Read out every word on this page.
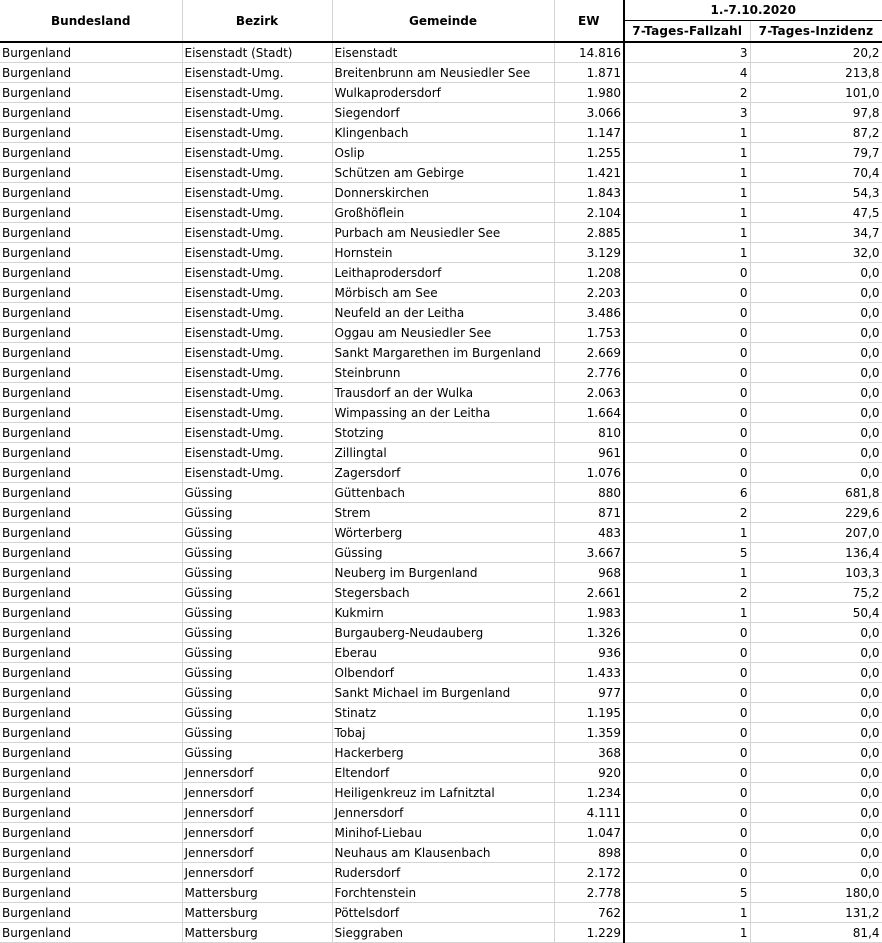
Bundesland	Bezirk	Gemeinde	EW	1.-7.10.2020	
				7-Tages-Fallzahl	7-Tages-Inzidenz
Burgenland	Eisenstadt (Stadt)	Eisenstadt	14.816	3	20,2
Burgenland	Eisenstadt-Umg.	Breitenbrunn am Neusiedler See	1.871	4	213,8
Burgenland	Eisenstadt-Umg.	Wulkaprodersdorf	1.980	2	101,0
Burgenland	Eisenstadt-Umg.	Siegendorf	3.066	3	97,8
Burgenland	Eisenstadt-Umg.	Klingenbach	1.147	1	87,2
Burgenland	Eisenstadt-Umg.	Oslip	1.255	1	79,7
Burgenland	Eisenstadt-Umg.	Schützen am Gebirge	1.421	1	70,4
Burgenland	Eisenstadt-Umg.	Donnerskirchen	1.843	1	54,3
Burgenland	Eisenstadt-Umg.	Großhöflein	2.104	1	47,5
Burgenland	Eisenstadt-Umg.	Purbach am Neusiedler See	2.885	1	34,7
Burgenland	Eisenstadt-Umg.	Hornstein	3.129	1	32,0
Burgenland	Eisenstadt-Umg.	Leithaprodersdorf	1.208	0	0,0
Burgenland	Eisenstadt-Umg.	Mörbisch am See	2.203	0	0,0
Burgenland	Eisenstadt-Umg.	Neufeld an der Leitha	3.486	0	0,0
Burgenland	Eisenstadt-Umg.	Oggau am Neusiedler See	1.753	0	0,0
Burgenland	Eisenstadt-Umg.	Sankt Margarethen im Burgenland	2.669	0	0,0
Burgenland	Eisenstadt-Umg.	Steinbrunn	2.776	0	0,0
Burgenland	Eisenstadt-Umg.	Trausdorf an der Wulka	2.063	0	0,0
Burgenland	Eisenstadt-Umg.	Wimpassing an der Leitha	1.664	0	0,0
Burgenland	Eisenstadt-Umg.	Stotzing	810	0	0,0
Burgenland	Eisenstadt-Umg.	Zillingtal	961	0	0,0
Burgenland	Eisenstadt-Umg.	Zagersdorf	1.076	0	0,0
Burgenland	Güssing	Güttenbach	880	6	681,8
Burgenland	Güssing	Strem	871	2	229,6
Burgenland	Güssing	Wörterberg	483	1	207,0
Burgenland	Güssing	Güssing	3.667	5	136,4
Burgenland	Güssing	Neuberg im Burgenland	968	1	103,3
Burgenland	Güssing	Stegersbach	2.661	2	75,2
Burgenland	Güssing	Kukmirn	1.983	1	50,4
Burgenland	Güssing	Burgauberg-Neudauberg	1.326	0	0,0
Burgenland	Güssing	Eberau	936	0	0,0
Burgenland	Güssing	Olbendorf	1.433	0	0,0
Burgenland	Güssing	Sankt Michael im Burgenland	977	0	0,0
Burgenland	Güssing	Stinatz	1.195	0	0,0
Burgenland	Güssing	Tobaj	1.359	0	0,0
Burgenland	Güssing	Hackerberg	368	0	0,0
Burgenland	Jennersdorf	Eltendorf	920	0	0,0
Burgenland	Jennersdorf	Heiligenkreuz im Lafnitztal	1.234	0	0,0
Burgenland	Jennersdorf	Jennersdorf	4.111	0	0,0
Burgenland	Jennersdorf	Minihof-Liebau	1.047	0	0,0
Burgenland	Jennersdorf	Neuhaus am Klausenbach	898	0	0,0
Burgenland	Jennersdorf	Rudersdorf	2.172	0	0,0
Burgenland	Mattersburg	Forchtenstein	2.778	5	180,0
Burgenland	Mattersburg	Pöttelsdorf	762	1	131,2
Burgenland	Mattersburg	Sieggraben	1.229	1	81,4
